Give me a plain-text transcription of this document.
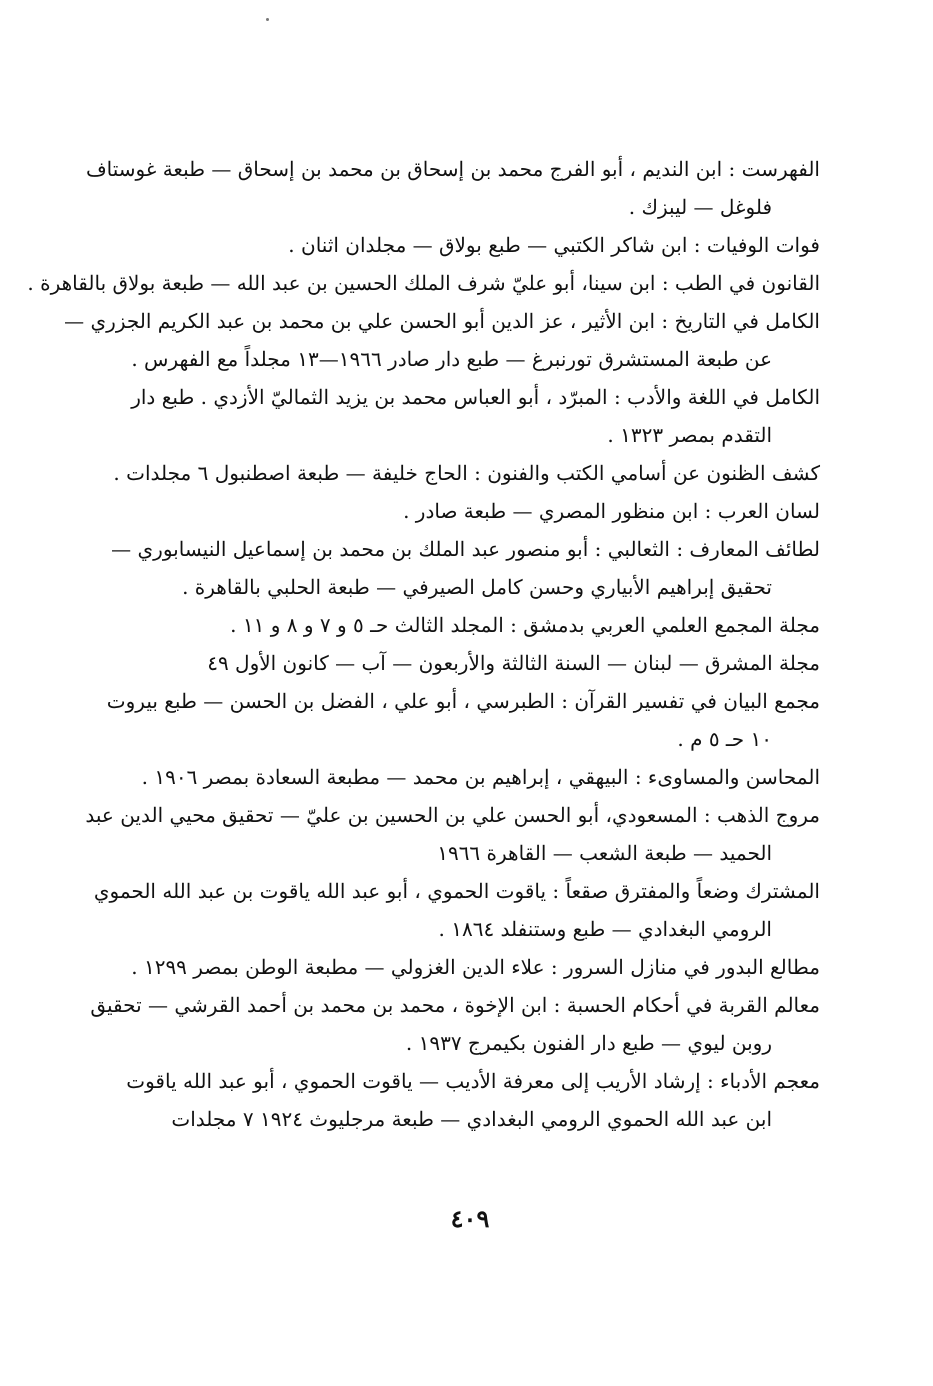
الفهرست : ابن النديم ، أبو الفرج محمد بن إسحاق بن محمد بن إسحاق — طبعة غوستاف
فلوغل — ليبزك .
فوات الوفيات : ابن شاكر الكتبي — طبع بولاق — مجلدان اثنان .
القانون في الطب : ابن سينا، أبو عليّ شرف الملك الحسين بن عبد الله — طبعة بولاق بالقاهرة .
الكامل في التاريخ : ابن الأثير ، عز الدين أبو الحسن علي بن محمد بن عبد الكريم الجزري —
عن طبعة المستشرق تورنبرغ — طبع دار صادر ١٩٦٦—١٣ مجلداً مع الفهرس .
الكامل في اللغة والأدب : المبرّد ، أبو العباس محمد بن يزيد الثماليّ الأزدي . طبع دار
التقدم بمصر ١٣٢٣ .
كشف الظنون عن أسامي الكتب والفنون : الحاج خليفة — طبعة اصطنبول ٦ مجلدات .
لسان العرب : ابن منظور المصري — طبعة صادر .
لطائف المعارف : الثعالبي : أبو منصور عبد الملك بن محمد بن إسماعيل النيسابوري —
تحقيق إبراهيم الأبياري وحسن كامل الصيرفي — طبعة الحلبي بالقاهرة .
مجلة المجمع العلمي العربي بدمشق : المجلد الثالث حـ ٥ و ٧ و ٨ و ١١ .
مجلة المشرق — لبنان — السنة الثالثة والأربعون — آب — كانون الأول ٤٩
مجمع البيان في تفسير القرآن : الطبرسي ، أبو علي ، الفضل بن الحسن — طبع بيروت
١٠ حـ ٥ م .
المحاسن والمساوىء : البيهقي ، إبراهيم بن محمد — مطبعة السعادة بمصر ١٩٠٦ .
مروج الذهب : المسعودي، أبو الحسن علي بن الحسين بن عليّ — تحقيق محيي الدين عبد
الحميد — طبعة الشعب — القاهرة ١٩٦٦
المشترك وضعاً والمفترق صقعاً : ياقوت الحموي ، أبو عبد الله ياقوت بن عبد الله الحموي
الرومي البغدادي — طبع وستنفلد ١٨٦٤ .
مطالع البدور في منازل السرور : علاء الدين الغزولي — مطبعة الوطن بمصر ١٢٩٩ .
معالم القربة في أحكام الحسبة : ابن الإخوة ، محمد بن محمد بن أحمد القرشي — تحقيق
روبن ليوي — طبع دار الفنون بكيمرج ١٩٣٧ .
معجم الأدباء : إرشاد الأريب إلى معرفة الأديب — ياقوت الحموي ، أبو عبد الله ياقوت
ابن عبد الله الحموي الرومي البغدادي — طبعة مرجليوث ١٩٢٤ ٧ مجلدات
٤٠٩
